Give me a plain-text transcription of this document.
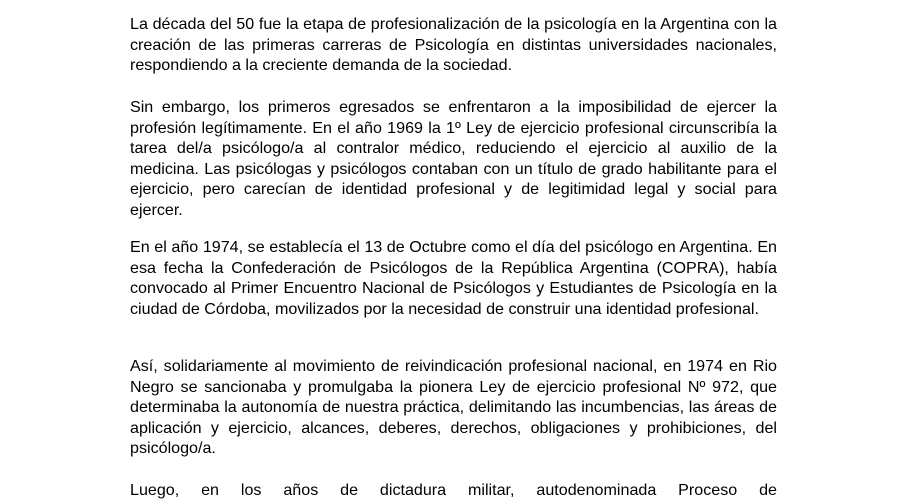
La década del 50 fue la etapa de profesionalización de la psicología en la Argentina con la creación de las primeras carreras de Psicología en distintas universidades nacionales, respondiendo a la creciente demanda de la sociedad.

Sin embargo, los primeros egresados se enfrentaron a la imposibilidad de ejercer la profesión legítimamente. En el año 1969 la 1º Ley de ejercicio profesional circunscribía la tarea del/a psicólogo/a al contralor médico, reduciendo el ejercicio al auxilio de la medicina. Las psicólogas y psicólogos contaban con un título de grado habilitante para el ejercicio, pero carecían de identidad profesional y de legitimidad legal y social para ejercer.

En el año 1974, se establecía el 13 de Octubre como el día del psicólogo en Argentina. En esa fecha la Confederación de Psicólogos de la República Argentina (COPRA), había convocado al Primer Encuentro Nacional de Psicólogos y Estudiantes de Psicología en la ciudad de Córdoba, movilizados por la necesidad de construir una identidad profesional.

Así, solidariamente al movimiento de reivindicación profesional nacional, en 1974 en Rio Negro se sancionaba y promulgaba la pionera Ley de ejercicio profesional Nº 972, que determinaba la autonomía de nuestra práctica, delimitando las incumbencias, las áreas de aplicación y ejercicio, alcances, deberes, derechos, obligaciones y prohibiciones, del psicólogo/a.

Luego, en los años de dictadura militar, autodenominada Proceso de
